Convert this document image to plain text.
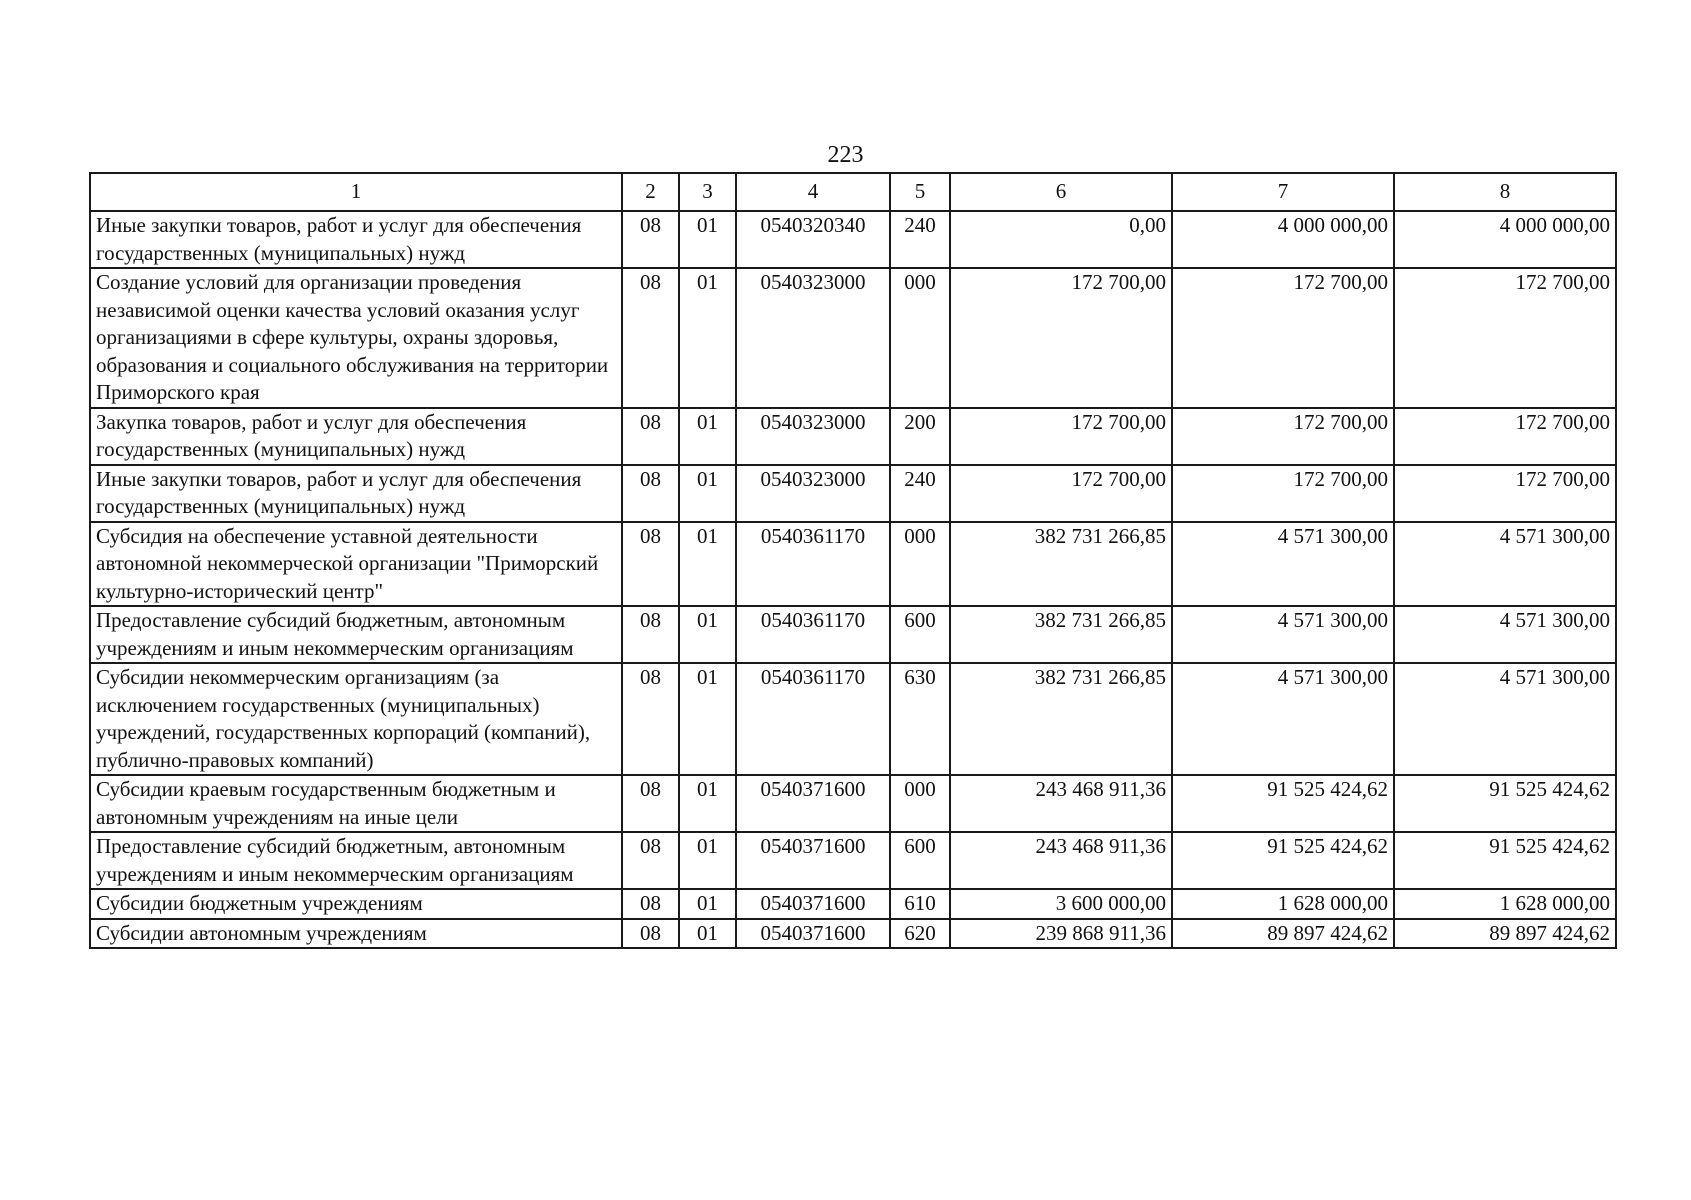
223
1	2	3	4	5	6	7	8
Иные закупки товаров, работ и услуг для обеспечения государственных (муниципальных) нужд	08	01	0540320340	240	0,00	4 000 000,00	4 000 000,00
Создание условий для организации проведения независимой оценки качества условий оказания услуг организациями в сфере культуры, охраны здоровья, образования и социального обслуживания на территории Приморского края	08	01	0540323000	000	172 700,00	172 700,00	172 700,00
Закупка товаров, работ и услуг для обеспечения государственных (муниципальных) нужд	08	01	0540323000	200	172 700,00	172 700,00	172 700,00
Иные закупки товаров, работ и услуг для обеспечения государственных (муниципальных) нужд	08	01	0540323000	240	172 700,00	172 700,00	172 700,00
Субсидия на обеспечение уставной деятельности автономной некоммерческой организации "Приморский культурно-исторический центр"	08	01	0540361170	000	382 731 266,85	4 571 300,00	4 571 300,00
Предоставление субсидий бюджетным, автономным учреждениям и иным некоммерческим организациям	08	01	0540361170	600	382 731 266,85	4 571 300,00	4 571 300,00
Субсидии некоммерческим организациям (за исключением государственных (муниципальных) учреждений, государственных корпораций (компаний), публично-правовых компаний)	08	01	0540361170	630	382 731 266,85	4 571 300,00	4 571 300,00
Субсидии краевым государственным бюджетным и автономным учреждениям на иные цели	08	01	0540371600	000	243 468 911,36	91 525 424,62	91 525 424,62
Предоставление субсидий бюджетным, автономным учреждениям и иным некоммерческим организациям	08	01	0540371600	600	243 468 911,36	91 525 424,62	91 525 424,62
Субсидии бюджетным учреждениям	08	01	0540371600	610	3 600 000,00	1 628 000,00	1 628 000,00
Субсидии автономным учреждениям	08	01	0540371600	620	239 868 911,36	89 897 424,62	89 897 424,62
